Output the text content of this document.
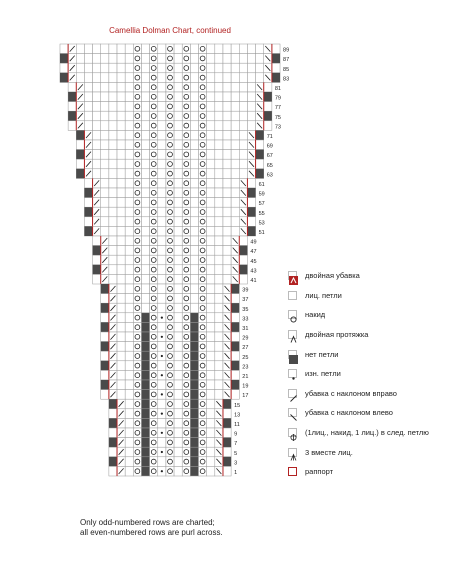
Camellia Dolman Chart, continued
89
87
85
83
81
79
77
75
73
71
69
67
65
63
61
59
57
55
53
51
49
47
45
43
41
39
37
35
33
31
29
27
25
23
21
19
17
15
13
11
9
7
5
3
1
двойная убавка
лиц. петли
накид
двойная протяжка
нет петли
изн. петли
убавка с наклоном вправо
убавка с наклоном влево
(1лиц., накид, 1 лиц.) в след. петлю
3 вместе лиц.
раппорт
Only odd-numbered rows are charted;
all even-numbered rows are purl across.
